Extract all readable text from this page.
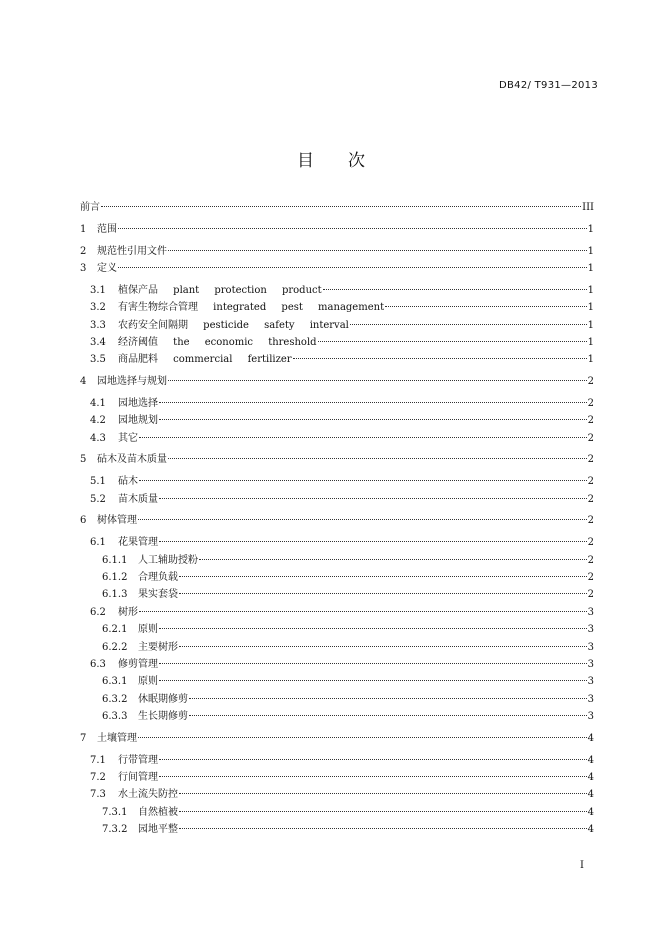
DB42/ T931—2013
目次
前言	III
1	范围	1
2	规范性引用文件	1
3	定义	1
3.1	植保产品 plant protection product	1
3.2	有害生物综合管理 integrated pest management	1
3.3	农药安全间隔期 pesticide safety interval	1
3.4	经济阈值 the economic threshold	1
3.5	商品肥料 commercial fertilizer	1
4	园地选择与规划	2
4.1	园地选择	2
4.2	园地规划	2
4.3	其它	2
5	砧木及苗木质量	2
5.1	砧木	2
5.2	苗木质量	2
6	树体管理	2
6.1	花果管理	2
6.1.1	人工辅助授粉	2
6.1.2	合理负载	2
6.1.3	果实套袋	2
6.2	树形	3
6.2.1	原则	3
6.2.2	主要树形	3
6.3	修剪管理	3
6.3.1	原则	3
6.3.2	休眠期修剪	3
6.3.3	生长期修剪	3
7	土壤管理	4
7.1	行带管理	4
7.2	行间管理	4
7.3	水土流失防控	4
7.3.1	自然植被	4
7.3.2	园地平整	4
I
